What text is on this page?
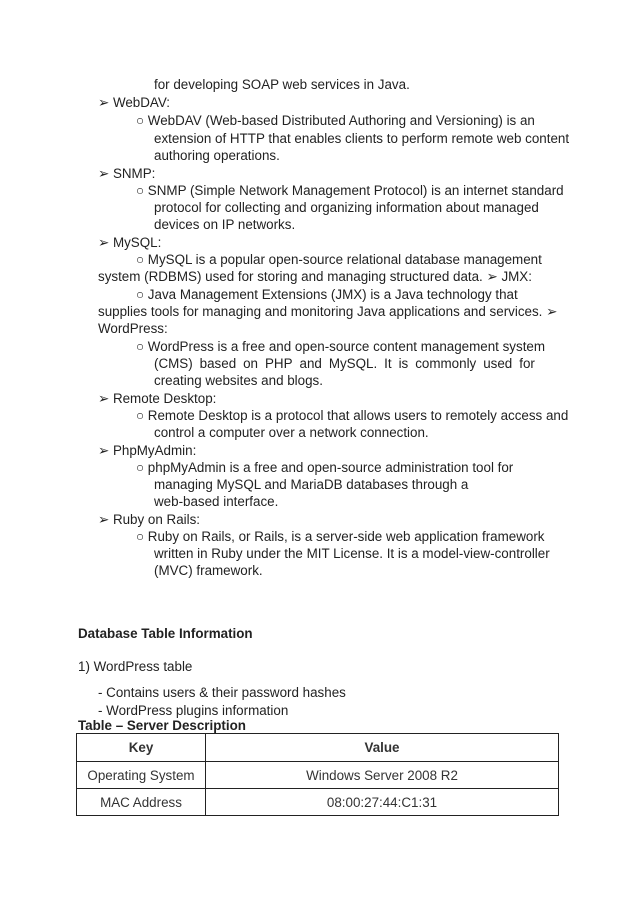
for developing SOAP web services in Java.
➢ WebDAV:
○ WebDAV (Web-based Distributed Authoring and Versioning) is an
extension of HTTP that enables clients to perform remote web content
authoring operations.
➢ SNMP:
○ SNMP (Simple Network Management Protocol) is an internet standard
protocol for collecting and organizing information about managed
devices on IP networks.
➢ MySQL:
○ MySQL is a popular open-source relational database management
system (RDBMS) used for storing and managing structured data. ➢ JMX:
○ Java Management Extensions (JMX) is a Java technology that
supplies tools for managing and monitoring Java applications and services. ➢
WordPress:
○ WordPress is a free and open-source content management system
(CMS) based on PHP and MySQL. It is commonly used for
creating websites and blogs.
➢ Remote Desktop:
○ Remote Desktop is a protocol that allows users to remotely access and
control a computer over a network connection.
➢ PhpMyAdmin:
○ phpMyAdmin is a free and open-source administration tool for
managing MySQL and MariaDB databases through a
web-based interface.
➢ Ruby on Rails:
○ Ruby on Rails, or Rails, is a server-side web application framework
written in Ruby under the MIT License. It is a model-view-controller
(MVC) framework.
Database Table Information
1) WordPress table
- Contains users & their password hashes
- WordPress plugins information
Table – Server Description
Key	Value
Operating System	Windows Server 2008 R2
MAC Address	08:00:27:44:C1:31
